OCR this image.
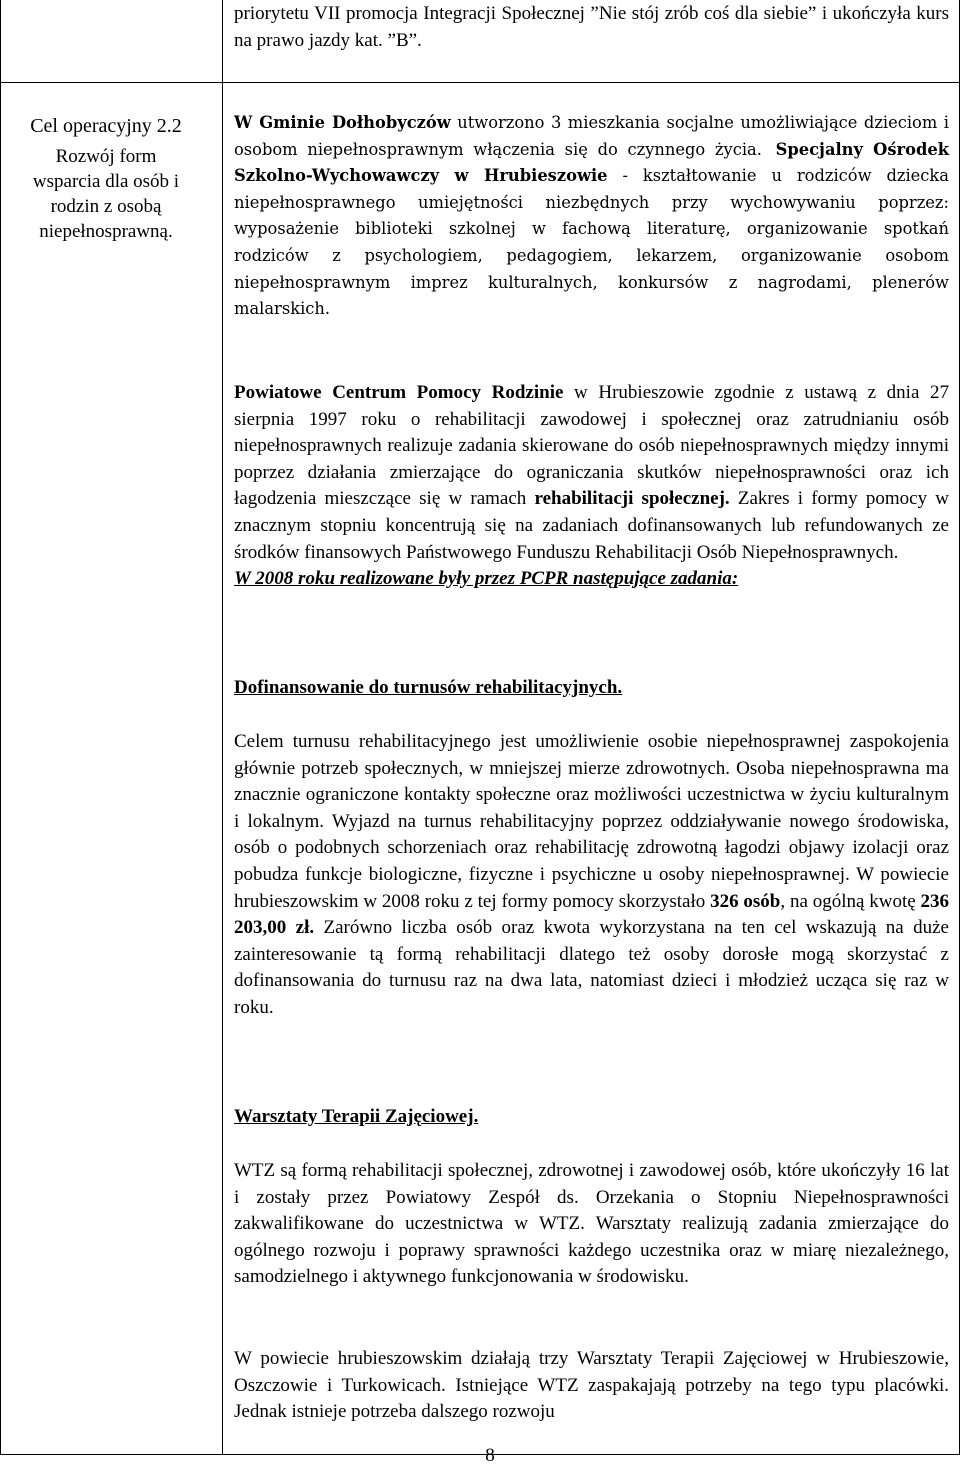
priorytetu VII promocja Integracji Społecznej ”Nie stój zrób coś dla siebie” i ukończyła kurs na prawo jazdy kat. ”B”.
Cel operacyjny 2.2
Rozwój form wsparcia dla osób i rodzin z osobą niepełnosprawną.
W Gminie Dołhobyczów utworzono 3 mieszkania socjalne umożliwiające dzieciom i osobom niepełnosprawnym włączenia się do czynnego życia. Specjalny Ośrodek Szkolno-Wychowawczy w Hrubieszowie - kształtowanie u rodziców dziecka niepełnosprawnego umiejętności niezbędnych przy wychowywaniu poprzez: wyposażenie biblioteki szkolnej w fachową literaturę, organizowanie spotkań rodziców z psychologiem, pedagogiem, lekarzem, organizowanie osobom niepełnosprawnym imprez kulturalnych, konkursów z nagrodami, plenerów malarskich.
Powiatowe Centrum Pomocy Rodzinie w Hrubieszowie zgodnie z ustawą z dnia 27 sierpnia 1997 roku o rehabilitacji zawodowej i społecznej oraz zatrudnianiu osób niepełnosprawnych realizuje zadania skierowane do osób niepełnosprawnych między innymi poprzez działania zmierzające do ograniczania skutków niepełnosprawności oraz ich łagodzenia mieszczące się w ramach rehabilitacji społecznej. Zakres i formy pomocy w znacznym stopniu koncentrują się na zadaniach dofinansowanych lub refundowanych ze środków finansowych Państwowego Funduszu Rehabilitacji Osób Niepełnosprawnych.
W 2008 roku realizowane były przez PCPR następujące zadania:
Dofinansowanie do turnusów rehabilitacyjnych.
Celem turnusu rehabilitacyjnego jest umożliwienie osobie niepełnosprawnej zaspokojenia głównie potrzeb społecznych, w mniejszej mierze zdrowotnych. Osoba niepełnosprawna ma znacznie ograniczone kontakty społeczne oraz możliwości uczestnictwa w życiu kulturalnym i lokalnym. Wyjazd na turnus rehabilitacyjny poprzez oddziaływanie nowego środowiska, osób o podobnych schorzeniach oraz rehabilitację zdrowotną łagodzi objawy izolacji oraz pobudza funkcje biologiczne, fizyczne i psychiczne u osoby niepełnosprawnej. W powiecie hrubieszowskim w 2008 roku z tej formy pomocy skorzystało 326 osób, na ogólną kwotę 236 203,00 zł. Zarówno liczba osób oraz kwota wykorzystana na ten cel wskazują na duże zainteresowanie tą formą rehabilitacji dlatego też osoby dorosłe mogą skorzystać z dofinansowania do turnusu raz na dwa lata, natomiast dzieci i młodzież ucząca się raz w roku.
Warsztaty Terapii Zajęciowej.
WTZ są formą rehabilitacji społecznej, zdrowotnej i zawodowej osób, które ukończyły 16 lat i zostały przez Powiatowy Zespół ds. Orzekania o Stopniu Niepełnosprawności zakwalifikowane do uczestnictwa w WTZ. Warsztaty realizują zadania zmierzające do ogólnego rozwoju i poprawy sprawności każdego uczestnika oraz w miarę niezależnego, samodzielnego i aktywnego funkcjonowania w środowisku.
W powiecie hrubieszowskim działają trzy Warsztaty Terapii Zajęciowej w Hrubieszowie, Oszczowie i Turkowicach. Istniejące WTZ zaspakajają potrzeby na tego typu placówki. Jednak istnieje potrzeba dalszego rozwoju
8
